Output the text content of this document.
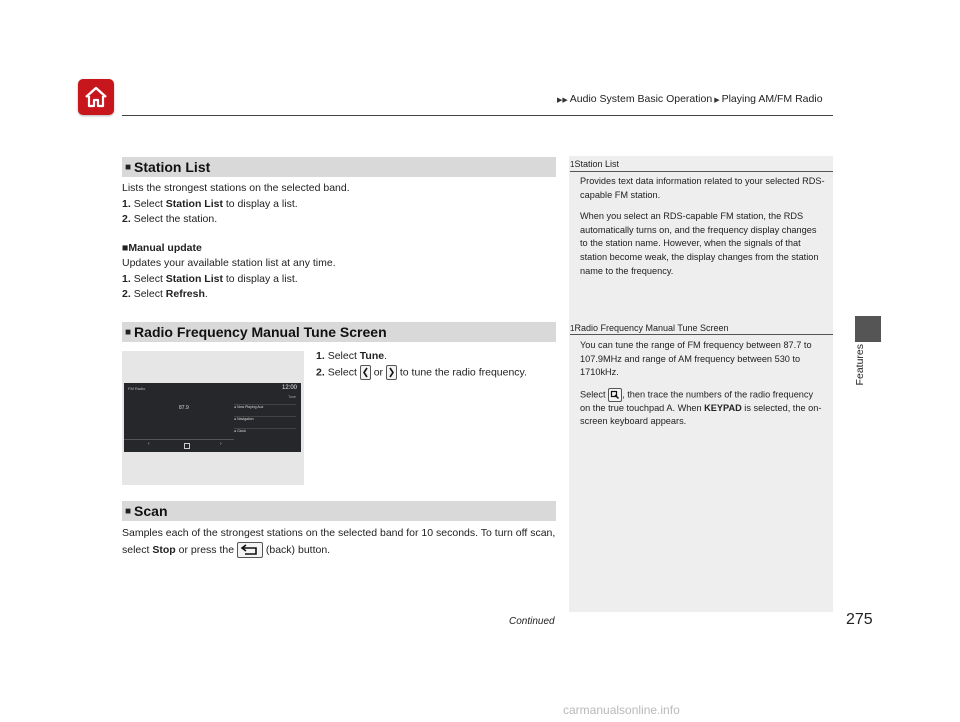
▶▶ Audio System Basic Operation ▶ Playing AM/FM Radio
Features
■ Station List
Lists the strongest stations on the selected band.
1. Select Station List to display a list.
2. Select the station.
■Manual update
Updates your available station list at any time.
1. Select Station List to display a list.
2. Select Refresh.
■ Radio Frequency Manual Tune Screen
1. Select Tune.
2. Select  or  to tune the radio frequency.
FM Radio	12:00
87.9
Tune
● Now Playing Aux
● Navigation
● Clock
‹	›
■ Scan
Samples each of the strongest stations on the selected band for 10 seconds. To turn off scan, select Stop or press the  (back) button.
1Station List
Provides text data information related to your selected RDS-capable FM station.
When you select an RDS-capable FM station, the RDS automatically turns on, and the frequency display changes to the station name. However, when the signals of that station become weak, the display changes from the station name to the frequency.
1Radio Frequency Manual Tune Screen
You can tune the range of FM frequency between 87.7 to 107.9MHz and range of AM frequency between 530 to 1710kHz.
Select , then trace the numbers of the radio frequency on the true touchpad A. When KEYPAD is selected, the on-screen keyboard appears.
Continued	275
carmanualsonline.info
